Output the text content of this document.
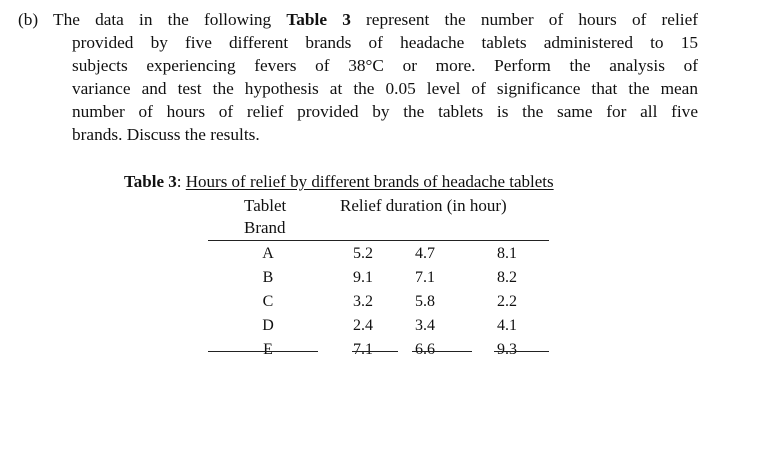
(b) The data in the following Table 3 represent the number of hours of relief
provided by five different brands of headache tablets administered to 15
subjects experiencing fevers of 38°C or more. Perform the analysis of
variance and test the hypothesis at the 0.05 level of significance that the mean
number of hours of relief provided by the tablets is the same for all five
brands. Discuss the results.
Table 3: Hours of relief by different brands of headache tablets
Tablet
Brand
Relief duration (in hour)
A	5.2	4.7	8.1
B	9.1	7.1	8.2
C	3.2	5.8	2.2
D	2.4	3.4	4.1
E	7.1	6.6	9.3
